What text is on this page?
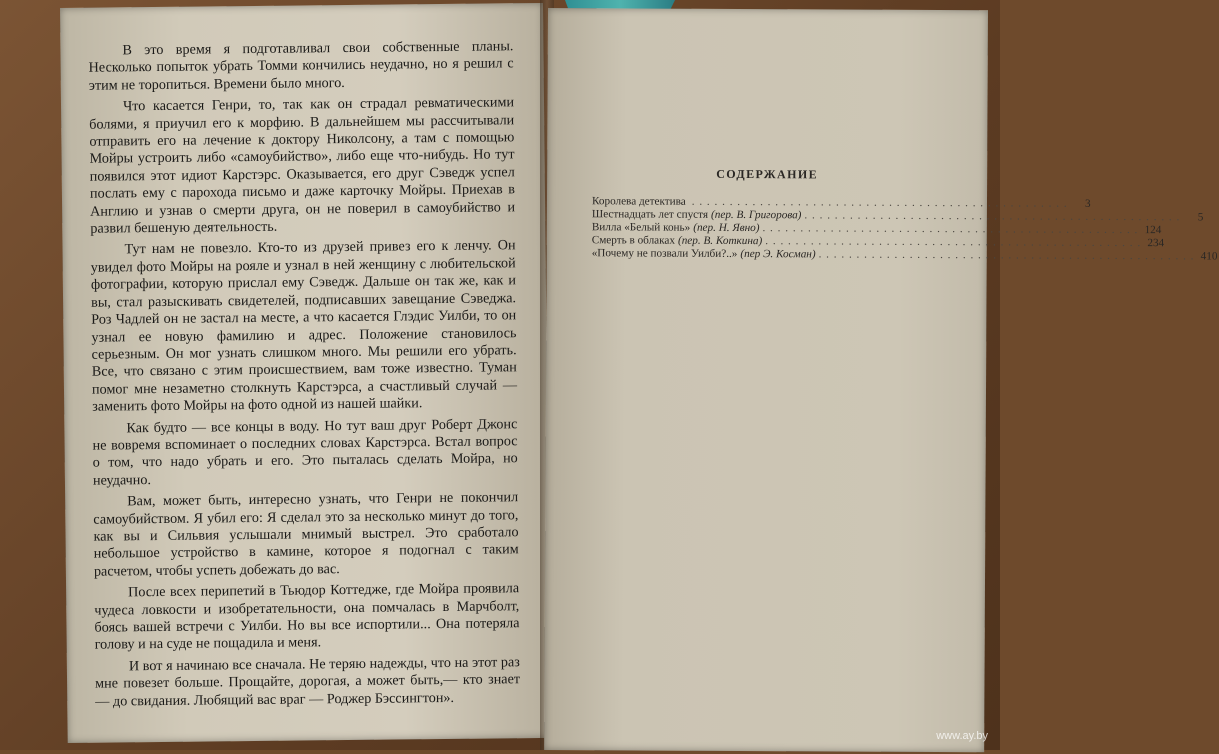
В это время я подготавливал свои собственные планы. Несколько попыток убрать Томми кончились неудачно, но я решил с этим не торопиться. Времени было много.

Что касается Генри, то, так как он страдал ревматическими болями, я приучил его к морфию. В дальнейшем мы рассчитывали отправить его на лечение к доктору Николсону, а там с помощью Мойры устроить либо «самоубийство», либо еще что-нибудь. Но тут появился этот идиот Карстэрс. Оказывается, его друг Сэведж успел послать ему с парохода письмо и даже карточку Мойры. Приехав в Англию и узнав о смерти друга, он не поверил в самоубийство и развил бешеную деятельность.

Тут нам не повезло. Кто-то из друзей привез его к ленчу. Он увидел фото Мойры на рояле и узнал в ней женщину с любительской фотографии, которую прислал ему Сэведж. Дальше он так же, как и вы, стал разыскивать свидетелей, подписавших завещание Сэведжа. Роз Чадлей он не застал на месте, а что касается Глэдис Уилби, то он узнал ее новую фамилию и адрес. Положение становилось серьезным. Он мог узнать слишком много. Мы решили его убрать. Все, что связано с этим происшествием, вам тоже известно. Туман помог мне незаметно столкнуть Карстэрса, а счастливый случай — заменить фото Мойры на фото одной из нашей шайки.

Как будто — все концы в воду. Но тут ваш друг Роберт Джонс не вовремя вспоминает о последних словах Карстэрса. Встал вопрос о том, что надо убрать и его. Это пыталась сделать Мойра, но неудачно.

Вам, может быть, интересно узнать, что Генри не покончил самоубийством. Я убил его: Я сделал это за несколько минут до того, как вы и Сильвия услышали мнимый выстрел. Это сработало небольшое устройство в камине, которое я подогнал с таким расчетом, чтобы успеть добежать до вас.

После всех перипетий в Тьюдор Коттедже, где Мойра проявила чудеса ловкости и изобретательности, она помчалась в Марчболт, боясь вашей встречи с Уилби. Но вы все испортили... Она потеряла голову и на суде не пощадила и меня.

И вот я начинаю все сначала. Не теряю надежды, что на этот раз мне повезет больше. Прощайте, дорогая, а может быть,— кто знает — до свидания. Любящий вас враг — Роджер Бэссингтон».

СОДЕРЖАНИЕ
Королева детектива . . . . . . . . . . . . . . . . . . . . . . . . . . . . . . . . . . . . . . . . . . . . . . . . . .	3
Шестнадцать лет спустя (пер. В. Григорова) . . . . . . . . . . . . . . . . . . . . . . . . . . . . . . . . . . . . . . . . . . . . . . . . . .	5
Вилла «Белый конь» (пер. Н. Явно) . . . . . . . . . . . . . . . . . . . . . . . . . . . . . . . . . . . . . . . . . . . . . . . . . . 124
Смерть в облаках (пер. В. Коткина) . . . . . . . . . . . . . . . . . . . . . . . . . . . . . . . . . . . . . . . . . . . . . . . . . . 234
«Почему не позвали Уилби?..» (пер Э. Косман) . . . . . . . . . . . . . . . . . . . . . . . . . . . . . . . . . . . . . . . . . . . . . . . . . . 410
www.ay.by
